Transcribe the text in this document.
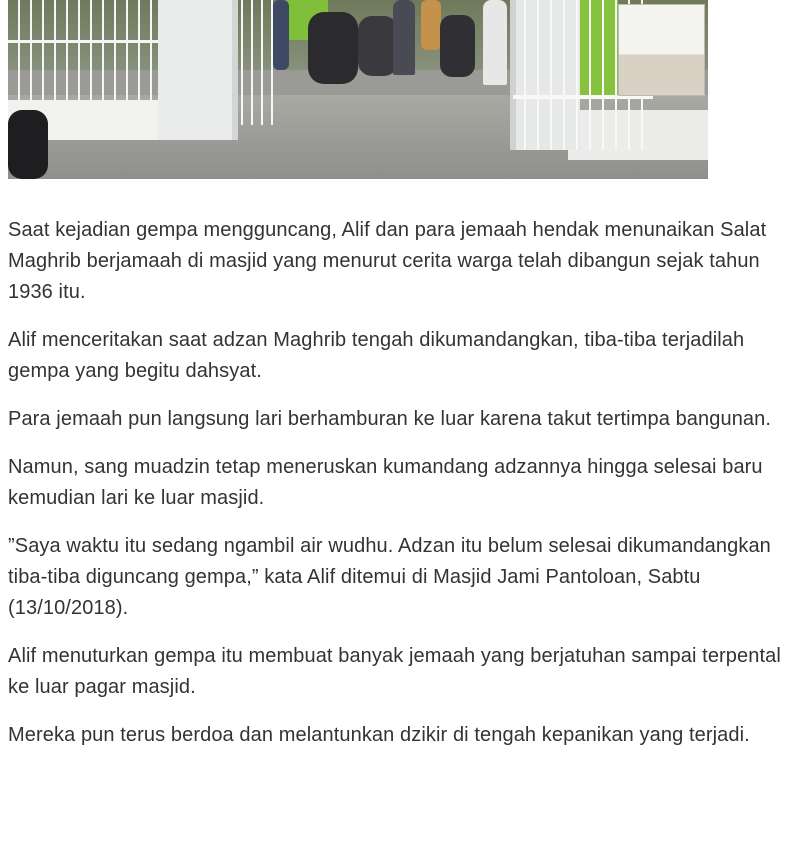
Saat kejadian gempa mengguncang, Alif dan para jemaah hendak menunaikan Salat Maghrib berjamaah di masjid yang menurut cerita warga telah dibangun sejak tahun 1936 itu.

Alif menceritakan saat adzan Maghrib tengah dikumandangkan, tiba-tiba terjadilah gempa yang begitu dahsyat.

Para jemaah pun langsung lari berhamburan ke luar karena takut tertimpa bangunan.

Namun, sang muadzin tetap meneruskan kumandang adzannya hingga selesai baru kemudian lari ke luar masjid.

”Saya waktu itu sedang ngambil air wudhu. Adzan itu belum selesai dikumandangkan tiba-tiba diguncang gempa,” kata Alif ditemui di Masjid Jami Pantoloan, Sabtu (13/10/2018).

Alif menuturkan gempa itu membuat banyak jemaah yang berjatuhan sampai terpental ke luar pagar masjid.

Mereka pun terus berdoa dan melantunkan dzikir di tengah kepanikan yang terjadi.
